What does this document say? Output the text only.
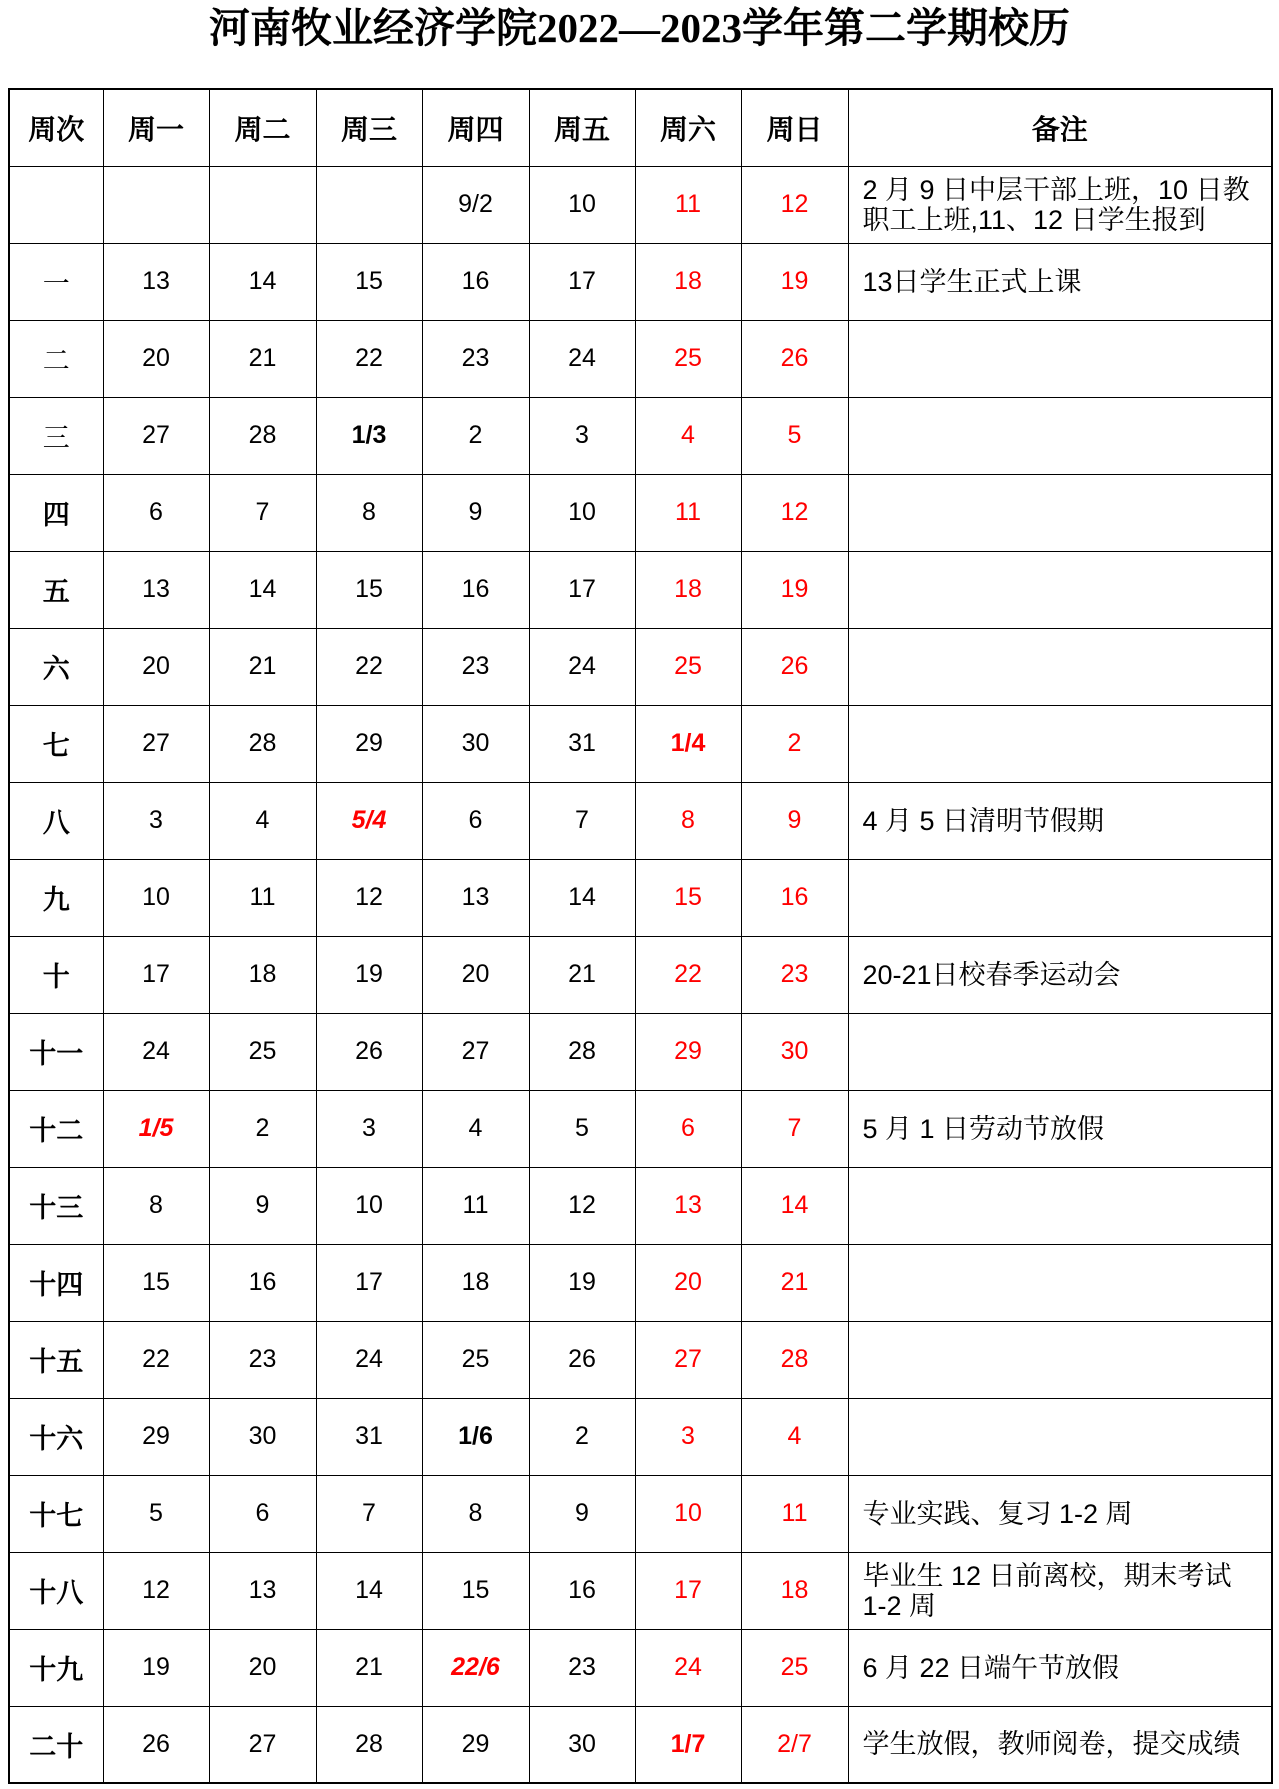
河南牧业经济学院2022—2023学年第二学期校历
周次	周一	周二	周三	周四	周五	周六	周日	备注
				9/2	10	11	12	2 月 9 日中层干部上班，10 日教职工上班,11、12 日学生报到
一	13	14	15	16	17	18	19	13日学生正式上课
二	20	21	22	23	24	25	26	
三	27	28	1/3	2	3	4	5	
四	6	7	8	9	10	11	12	
五	13	14	15	16	17	18	19	
六	20	21	22	23	24	25	26	
七	27	28	29	30	31	1/4	2	
八	3	4	5/4	6	7	8	9	4 月 5 日清明节假期
九	10	11	12	13	14	15	16	
十	17	18	19	20	21	22	23	20-21日校春季运动会
十一	24	25	26	27	28	29	30	
十二	1/5	2	3	4	5	6	7	5 月 1 日劳动节放假
十三	8	9	10	11	12	13	14	
十四	15	16	17	18	19	20	21	
十五	22	23	24	25	26	27	28	
十六	29	30	31	1/6	2	3	4	
十七	5	6	7	8	9	10	11	专业实践、复习 1-2 周
十八	12	13	14	15	16	17	18	毕业生 12 日前离校，期末考试 1-2 周
十九	19	20	21	22/6	23	24	25	6 月 22 日端午节放假
二十	26	27	28	29	30	1/7	2/7	学生放假，教师阅卷，提交成绩
